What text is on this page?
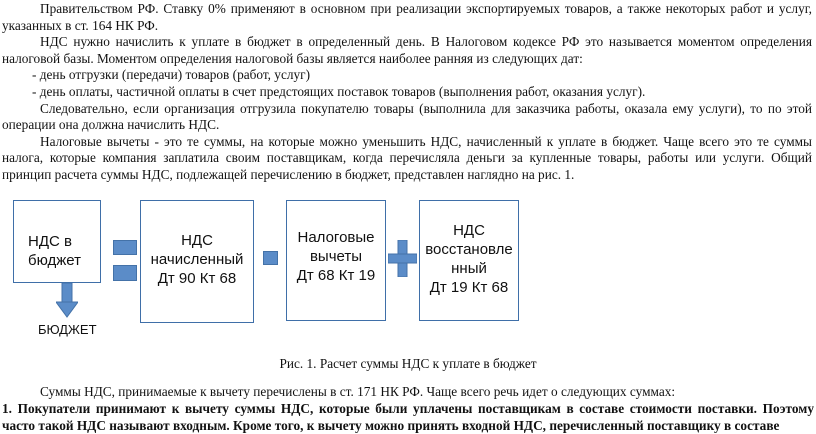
Правительством РФ. Ставку 0% применяют в основном при реализации экспортируемых товаров, а также некоторых работ и услуг, указанных в ст. 164 НК РФ.

НДС нужно начислить к уплате в бюджет в определенный день. В Налоговом кодексе РФ это называется моментом определения налоговой базы. Моментом определения налоговой базы является наиболее ранняя из следующих дат:

- день отгрузки (передачи) товаров (работ, услуг)

- день оплаты, частичной оплаты в счет предстоящих поставок товаров (выполнения работ, оказания услуг).

Следовательно, если организация отгрузила покупателю товары (выполнила для заказчика работы, оказала ему услуги), то по этой операции она должна начислить НДС.

Налоговые вычеты - это те суммы, на которые можно уменьшить НДС, начисленный к уплате в бюджет. Чаще всего это те суммы налога, которые компания заплатила своим поставщикам, когда перечисляла деньги за купленные товары, работы или услуги. Общий принцип расчета суммы НДС, подлежащей перечислению в бюджет, представлен наглядно на рис. 1.

НДС в
бюджет
БЮДЖЕТ
НДС
начисленный
Дт 90 Кт 68
Налоговые
вычеты
Дт 68 Кт 19
НДС
восстановле
нный
Дт 19 Кт 68
Рис. 1. Расчет суммы НДС к уплате в бюджет

Суммы НДС, принимаемые к вычету перечислены в ст. 171 НК РФ. Чаще всего речь идет о следующих суммах:

1. Покупатели принимают к вычету суммы НДС, которые были уплачены поставщикам в составе стоимости поставки. Поэтому часто такой НДС называют входным. Кроме того, к вычету можно принять входной НДС, перечисленный поставщику в составе
